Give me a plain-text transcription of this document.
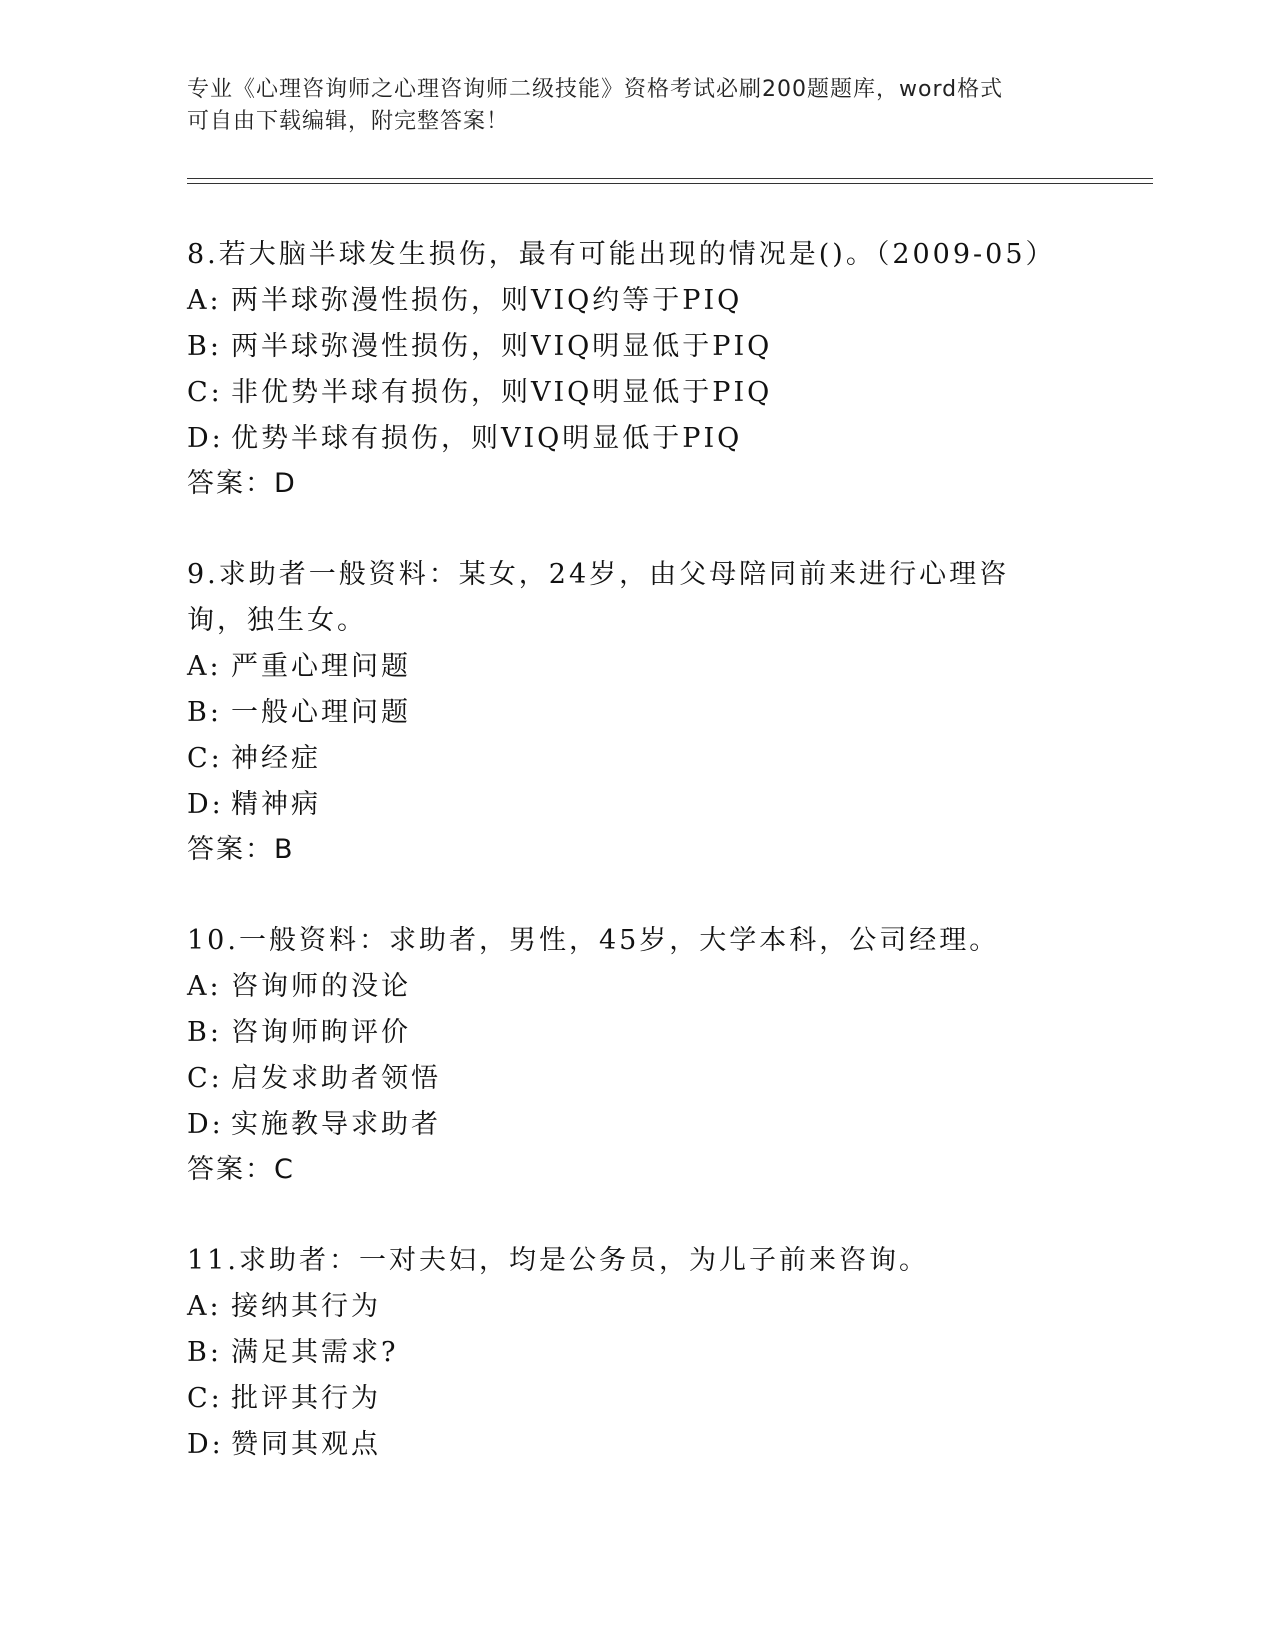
专业《心理咨询师之心理咨询师二级技能》资格考试必刷200题题库，word格式
可自由下载编辑，附完整答案！
8.若大脑半球发生损伤，最有可能出现的情况是()。（2009-05）
A: 两半球弥漫性损伤，则VIQ约等于PIQ
B: 两半球弥漫性损伤，则VIQ明显低于PIQ
C: 非优势半球有损伤，则VIQ明显低于PIQ
D: 优势半球有损伤，则VIQ明显低于PIQ
答案：D
9.求助者一般资料：某女，24岁，由父母陪同前来进行心理咨询，独生女。
A: 严重心理问题
B: 一般心理问题
C: 神经症
D: 精神病
答案：B
10.一般资料：求助者，男性，45岁，大学本科，公司经理。
A: 咨询师的没论
B: 咨询师眗评价
C: 启发求助者领悟
D: 实施教导求助者
答案：C
11.求助者：一对夫妇，均是公务员，为儿子前来咨询。
A: 接纳其行为
B: 满足其需求?
C: 批评其行为
D: 赞同其观点
